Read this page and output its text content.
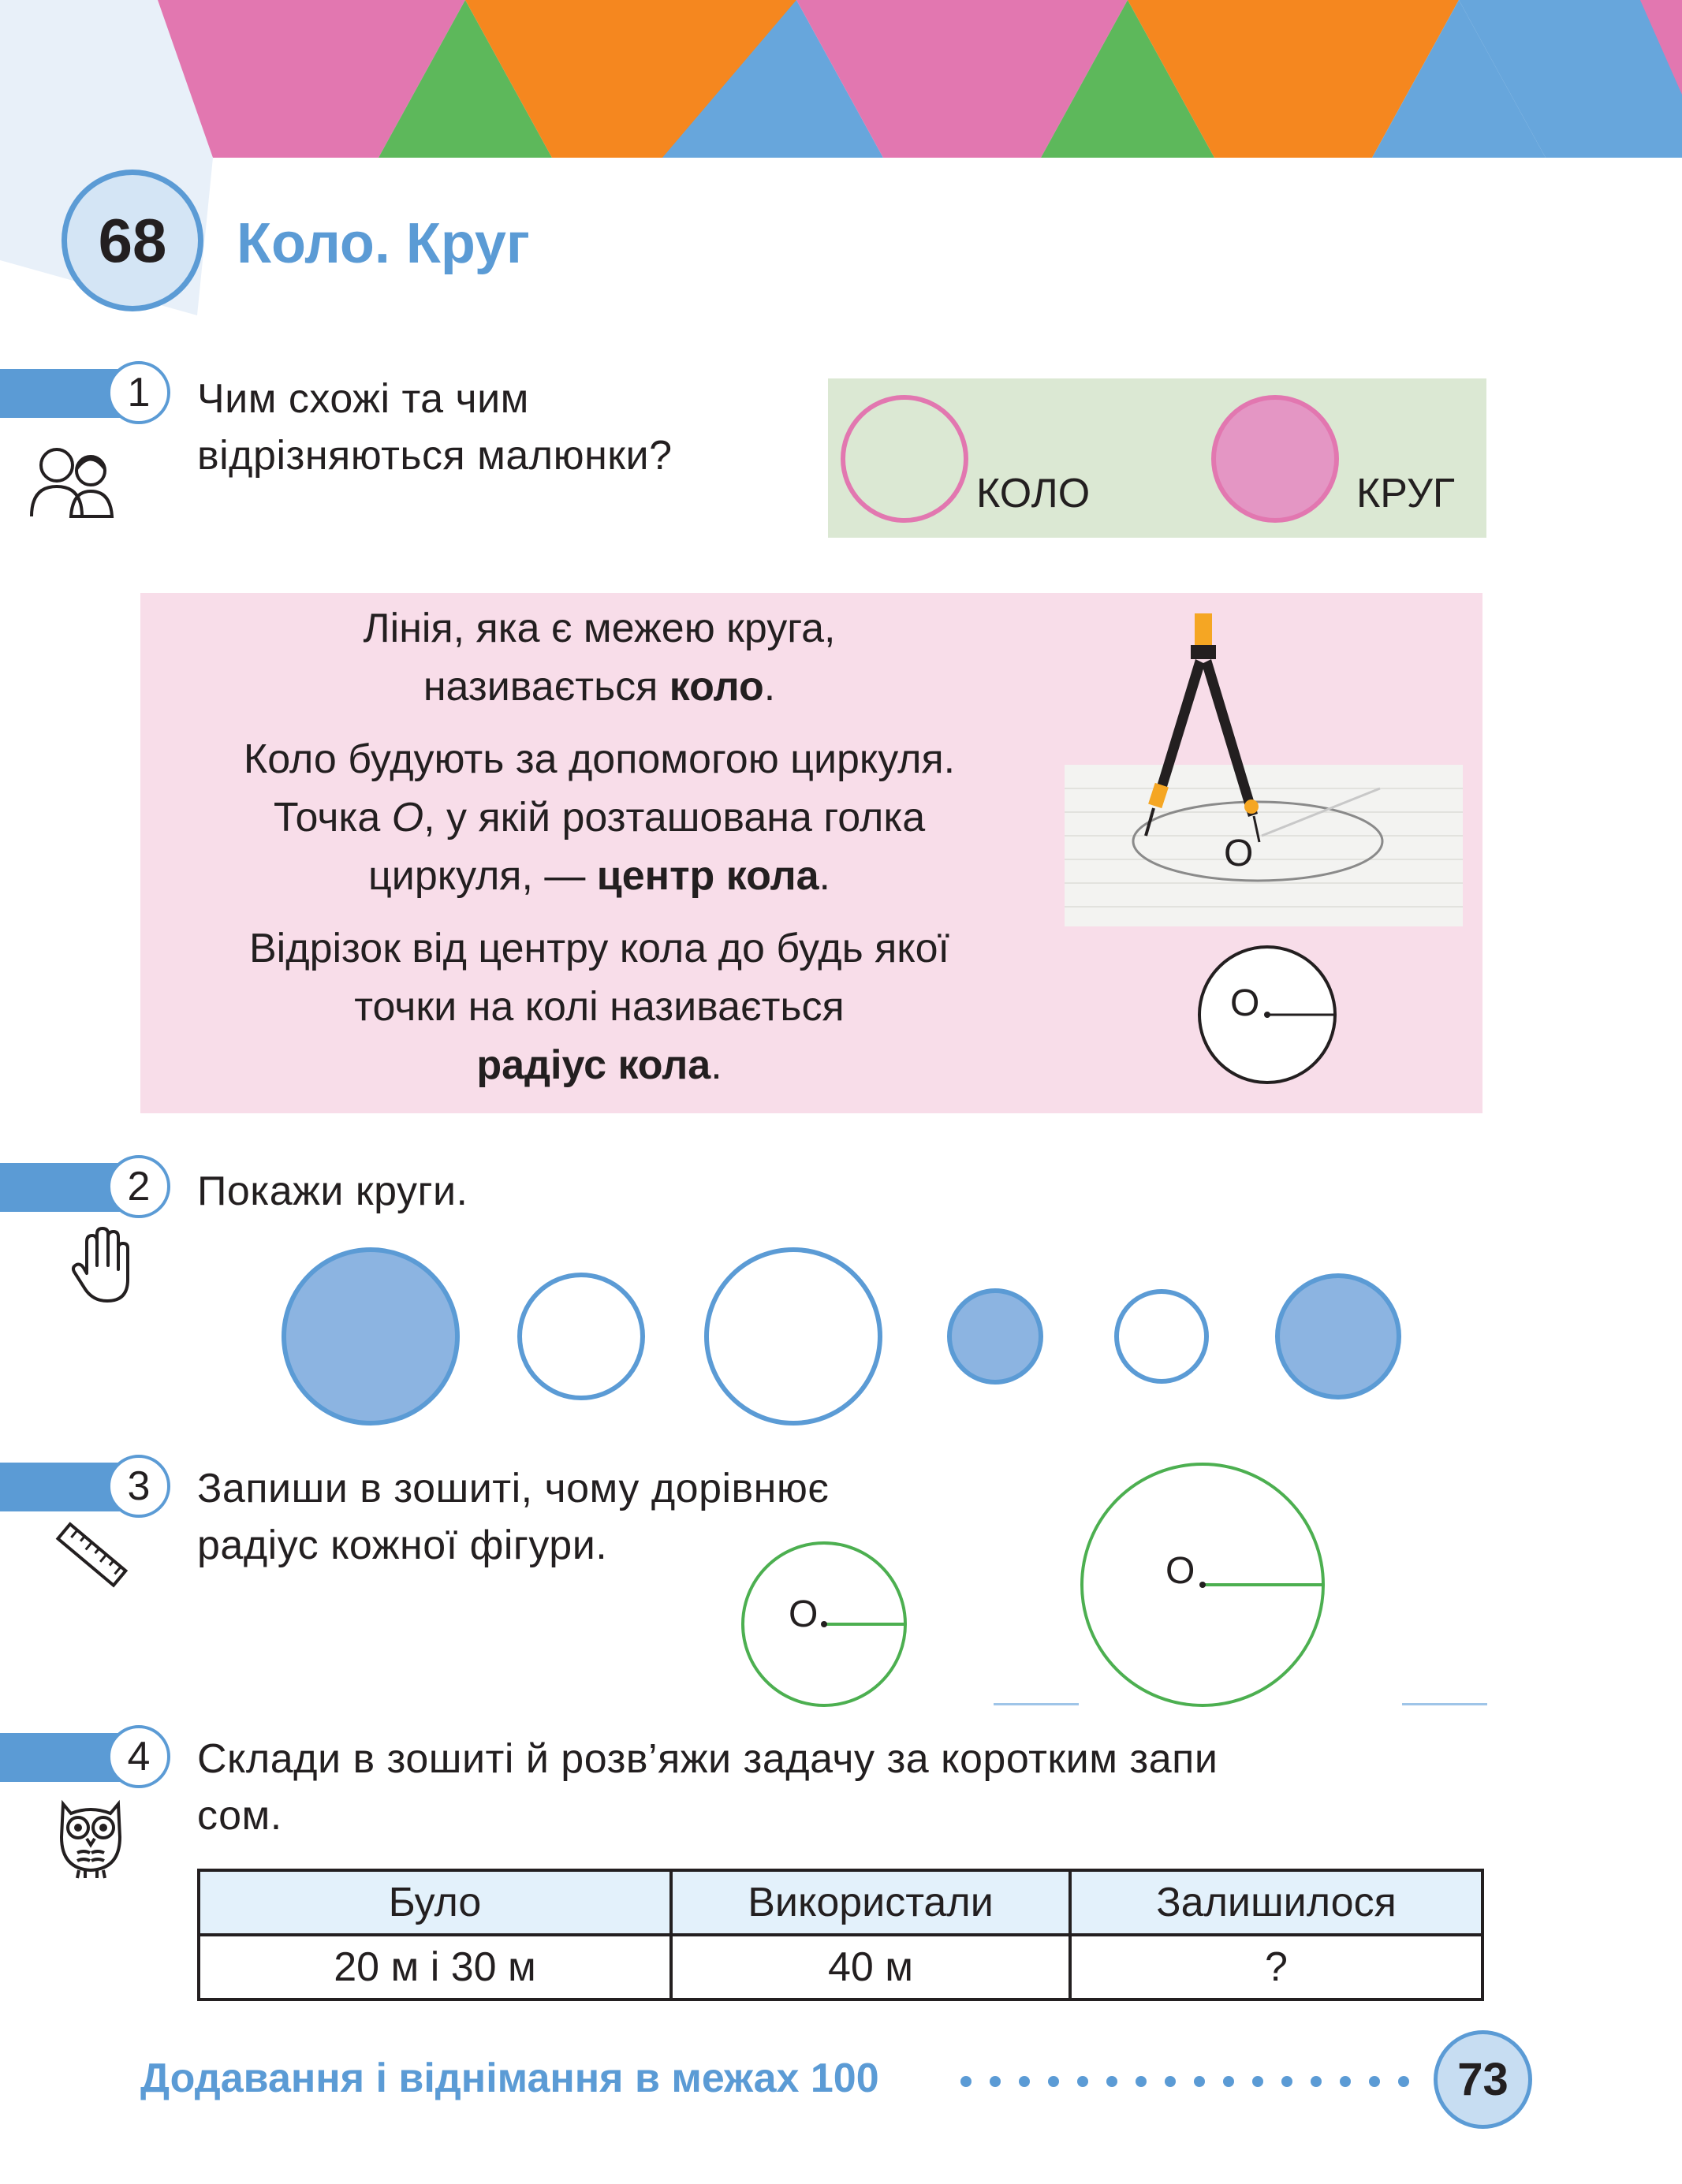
68 Коло. Круг
1 Чим схожі та чим
відрізняються малюнки?
КОЛО	КРУГ
Лінія, яка є межею круга,
називається коло.
Коло будують за допомогою циркуля.
Точка О, у якій розташована голка
циркуля, — центр кола.
Відрізок від центру кола до будь якої
точки на колі називається
радіус кола.
О
О
2 Покажи круги.
3 Запиши в зошиті, чому дорівнює
радіус кожної фігури.
О
О
4 Склади в зошиті й розв’яжи задачу за коротким запи
сом.
Було	Використали	Залишилося
20 м і 30 м	40 м	?
Додавання і віднімання в межах 100	73
